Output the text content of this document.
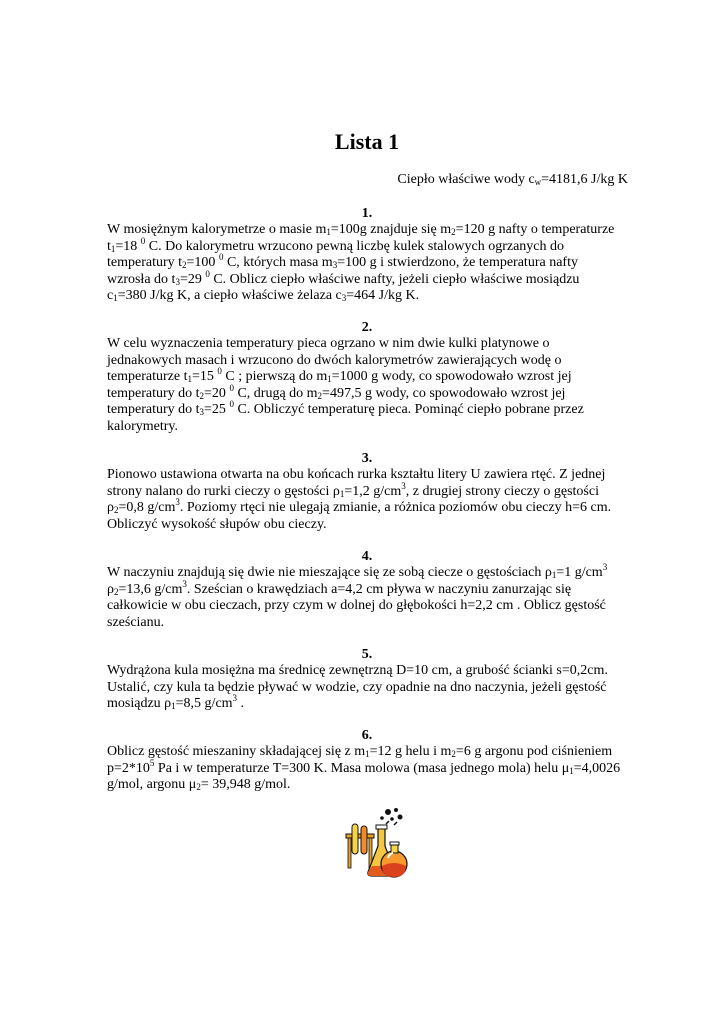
Lista 1
Ciepło właściwe wody $c_w=4181,6$ J/kg K
1.
W mosiężnym kalorymetrze o masie $m_1=100g$ znajduje się $m_2=120$ g nafty o temperaturze
$t_1=18$ $^0$ C. Do kalorymetru wrzucono pewną liczbę kulek stalowych ogrzanych do
temperatury $t_2=100$ $^0$ C, których masa $m_3=100$ g i stwierdzono, że temperatura nafty
wzrosła do $t_3=29$ $^0$ C. Oblicz ciepło właściwe nafty, jeżeli ciepło właściwe mosiądzu
$c_1=380$ J/kg K, a ciepło właściwe żelaza $c_3=464$ J/kg K.
2.
W celu wyznaczenia temperatury pieca ogrzano w nim dwie kulki platynowe o
jednakowych masach i wrzucono do dwóch kalorymetrów zawierających wodę o
temperaturze $t_1=15$ $^0$ C ; pierwszą do $m_1=1000$ g wody, co spowodowało wzrost jej
temperatury do $t_2=20$ $^0$ C, drugą do $m_2=497,5$ g wody, co spowodowało wzrost jej
temperatury do $t_3=25$ $^0$ C. Obliczyć temperaturę pieca. Pominąć ciepło pobrane przez
kalorymetry.
3.
Pionowo ustawiona otwarta na obu końcach rurka kształtu litery U zawiera rtęć. Z jednej
strony nalano do rurki cieczy o gęstości $\rho_1=1,2$ $g/cm^3$, z drugiej strony cieczy o gęstości
$\rho_2=0,8$ $g/cm^3$. Poziomy rtęci nie ulegają zmianie, a różnica poziomów obu cieczy h=6 cm.
Obliczyć wysokość słupów obu cieczy.
4.
W naczyniu znajdują się dwie nie mieszające się ze sobą ciecze o gęstościach $\rho_1=1$ $g/cm^3$
$\rho_2=13,6$ $g/cm^3$. Sześcian o krawędziach a=4,2 cm pływa w naczyniu zanurzając się
całkowicie w obu cieczach, przy czym w dolnej do głębokości h=2,2 cm . Oblicz gęstość
sześcianu.
5.
Wydrążona kula mosiężna ma średnicę zewnętrzną D=10 cm, a grubość ścianki s=0,2cm.
Ustalić, czy kula ta będzie pływać w wodzie, czy opadnie na dno naczynia, jeżeli gęstość
mosiądzu $\rho_1=8,5$ $g/cm^3$ .
6.
Oblicz gęstość mieszaniny składającej się z $m_1=12$ g helu i $m_2=6$ g argonu pod ciśnieniem
$p=2*10^5$ Pa i w temperaturze T=300 K. Masa molowa (masa jednego mola) helu $\mu_1=4,0026$
g/mol, argonu $\mu_2= 39,948$ g/mol.
